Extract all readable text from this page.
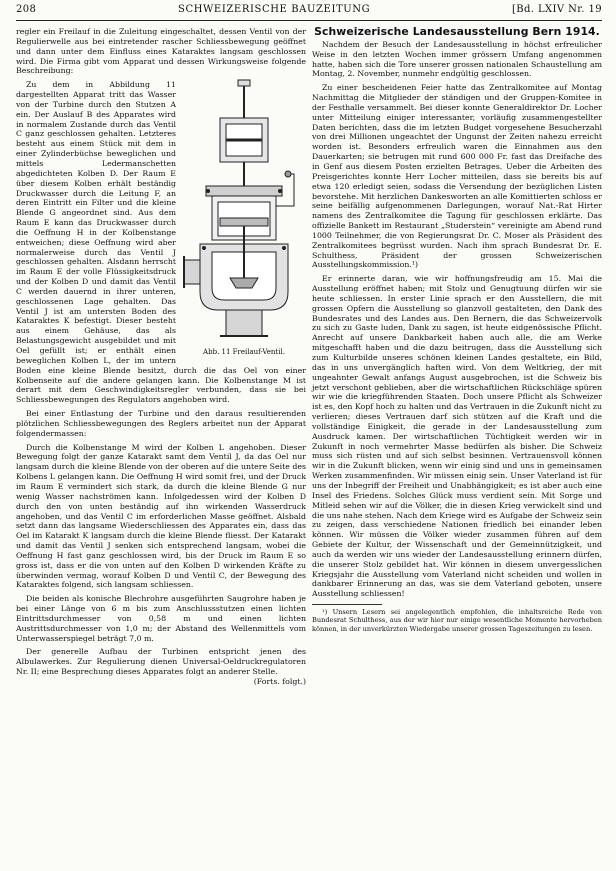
208	SCHWEIZERISCHE BAUZEITUNG	[Bd. LXIV Nr. 19

regler ein Freilauf in die Zuleitung eingeschaltet, dessen Ventil von der Regulierwelle aus bei eintretender rascher Schliessbewegung geöffnet und dann unter dem Einfluss eines Kataraktes langsam geschlossen wird. Die Firma gibt vom Apparat und dessen Wirkungsweise folgende Beschreibung:

Abb. 11 Freilauf-Ventil.

Zu dem in Abbildung 11 dargestellten Apparat tritt das Wasser von der Turbine durch den Stutzen A ein. Der Auslauf B des Apparates wird in normalem Zustande durch das Ventil C ganz geschlossen gehalten. Letzteres besteht aus einem Stück mit dem in einer Zylinderbüchse beweglichen und mittels Ledermanschetten abgedichteten Kolben D. Der Raum E über diesem Kolben erhält beständig Druckwasser durch die Leitung F, an deren Eintritt ein Filter und die kleine Blende G angeordnet sind. Aus dem Raum E kann das Druckwasser durch die Oeffnung H in der Kolbenstange entweichen; diese Oeffnung wird aber normalerweise durch das Ventil J geschlossen gehalten. Alsdann herrscht im Raum E der volle Flüssigkeitsdruck und der Kolben D und damit das Ventil C werden dauernd in ihrer unteren, geschlossenen Lage gehalten. Das Ventil J ist am untersten Boden des Kataraktes K befestigt. Dieser besteht aus einem Gehäuse, das als Belastungsgewicht ausgebildet und mit Oel gefüllt ist; er enthält einen beweglichen Kolben L, der im untern Boden eine kleine Blende besitzt, durch die das Oel von einer Kolbenseite auf die andere gelangen kann. Die Kolbenstange M ist derart mit dem Geschwindigkeitsregler verbunden, dass sie bei Schliessbewegungen des Regulators angehoben wird.

Bei einer Entlastung der Turbine und den daraus resultierenden plötzlichen Schliessbewegungen des Reglers arbeitet nun der Apparat folgendermassen:

Durch die Kolbenstange M wird der Kolben L angehoben. Dieser Bewegung folgt der ganze Katarakt samt dem Ventil J, da das Oel nur langsam durch die kleine Blende von der oberen auf die untere Seite des Kolbens L gelangen kann. Die Oeffnung H wird somit frei, und der Druck im Raum E vermindert sich stark, da durch die kleine Blende G nur wenig Wasser nachströmen kann. Infolgedessen wird der Kolben D durch den von unten beständig auf ihn wirkenden Wasserdruck angehoben, und das Ventil C im erforderlichen Masse geöffnet. Alsbald setzt dann das langsame Wiederschliessen des Apparates ein, dass das Oel im Katarakt K langsam durch die kleine Blende fliesst. Der Katarakt und damit das Ventil J senken sich entsprechend langsam, wobei die Oeffnung H fast ganz geschlossen wird, bis der Druck im Raum E so gross ist, dass er die von unten auf den Kolben D wirkenden Kräfte zu überwinden vermag, worauf Kolben D und Ventil C, der Bewegung des Kataraktes folgend, sich langsam schliessen.

Die beiden als konische Blechrohre ausgeführten Saugrohre haben je bei einer Länge von 6 m bis zum Anschlussstutzen einen lichten Eintrittsdurchmesser von 0,58 m und einen lichten Austrittsdurchmesser von 1,0 m; der Abstand des Wellenmittels vom Unterwasserspiegel beträgt 7,0 m.

Der generelle Aufbau der Turbinen entspricht jenen des Albulawerkes. Zur Regulierung dienen Universal-Oeldruckregulatoren Nr. II; eine Besprechung dieses Apparates folgt an anderer Stelle.

(Forts. folgt.)

Schweizerische Landesausstellung Bern 1914.

Nachdem der Besuch der Landesausstellung in höchst erfreulicher Weise in den letzten Wochen immer grössern Umfang angenommen hatte, haben sich die Tore unserer grossen nationalen Schaustellung am Montag, 2. November, nunmehr endgültig geschlossen.

Zu einer bescheidenen Feier hatte das Zentralkomitee auf Montag Nachmittag die Mitglieder der ständigen und der Gruppen-Komitee in der Festhalle versammelt. Bei dieser konnte Generaldirektor Dr. Locher unter Mitteilung einiger interessanter, vorläufig zusammengestellter Daten berichten, dass die im letzten Budget vorgesehene Besucherzahl von drei Millionen ungeachtet der Ungunst der Zeiten nahezu erreicht worden ist. Besonders erfreulich waren die Einnahmen aus den Dauerkarten; sie betrugen mit rund 600 000 Fr. fast das Dreifache des in Genf aus diesem Posten erzielten Betrages. Ueber die Arbeiten des Preisgerichtes konnte Herr Locher mitteilen, dass sie bereits bis auf etwa 120 erledigt seien, sodass die Versendung der bezüglichen Listen bevorstehe. Mit herzlichen Dankesworten an alle Komittierten schloss er seine beifällig aufgenommenen Darlegungen, worauf Nat.-Rat Hirter namens des Zentralkomitee die Tagung für geschlossen erklärte. Das offizielle Bankett im Restaurant „Studerstein“ vereinigte am Abend rund 1000 Teilnehmer, die von Regierungsrat Dr. C. Moser als Präsident des Zentralkomitees begrüsst wurden. Nach ihm sprach Bundesrat Dr. E. Schulthess, Präsident der grossen Schweizerischen Ausstellungskommission.¹)

Er erinnerte daran, wie wir hoffnungsfreudig am 15. Mai die Ausstellung eröffnet haben; mit Stolz und Genugtuung dürfen wir sie heute schliessen. In erster Linie sprach er den Ausstellern, die mit grossen Opfern die Ausstellung so glanzvoll gestalteten, den Dank des Bundesrates und des Landes aus. Den Bernern, die das Schweizervolk zu sich zu Gaste luden, Dank zu sagen, ist heute eidgenössische Pflicht. Anrecht auf unsere Dankbarkeit haben auch alle, die am Werke mitgeschafft haben und die dazu beitrugen, dass die Ausstellung sich zum Kulturbilde unseres schönen kleinen Landes gestaltete, ein Bild, das in uns unvergänglich haften wird. Von dem Weltkrieg, der mit ungeahnter Gewalt anfangs August ausgebrochen, ist die Schweiz bis jetzt verschont geblieben, aber die wirtschaftlichen Rückschläge spüren wir wie die kriegführenden Staaten. Doch unsere Pflicht als Schweizer ist es, den Kopf hoch zu halten und das Vertrauen in die Zukunft nicht zu verlieren; dieses Vertrauen darf sich stützen auf die Kraft und die vollständige Einigkeit, die gerade in der Landesausstellung zum Ausdruck kamen. Der wirtschaftlichen Tüchtigkeit werden wir in Zukunft in noch vermehrter Masse bedürfen als bisher. Die Schweiz muss sich rüsten und auf sich selbst besinnen. Vertrauensvoll können wir in die Zukunft blicken, wenn wir einig sind und uns in gemeinsamen Werken zusammenfinden. Wir müssen einig sein. Unser Vaterland ist für uns der Inbegriff der Freiheit und Unabhängigkeit; es ist aber auch eine Insel des Friedens. Solches Glück muss verdient sein. Mit Sorge und Mitleid sehen wir auf die Völker, die in diesen Krieg verwickelt sind und die uns nahe stehen. Nach dem Kriege wird es Aufgabe der Schweiz sein zu zeigen, dass verschiedene Nationen friedlich bei einander leben können. Wir müssen die Völker wieder zusammen führen auf dem Gebiete der Kultur, der Wissenschaft und der Gemeinnützigkeit, und auch da werden wir uns wieder der Landesausstellung erinnern dürfen, die unserer Stolz gebildet hat. Wir können in diesem unvergesslichen Kriegsjahr die Ausstellung vom Vaterland nicht scheiden und wollen in dankbarer Erinnerung an das, was sie dem Vaterland geboten, unsere Ausstellung schliessen!

¹) Unsern Lesern sei angelegentlich empfohlen, die inhaltsreiche Rede von Bundesrat Schulthess, aus der wir hier nur einige wesentliche Momente hervorheben können, in der unverkürzten Wiedergabe unserer grossen Tageszeitungen zu lesen.
